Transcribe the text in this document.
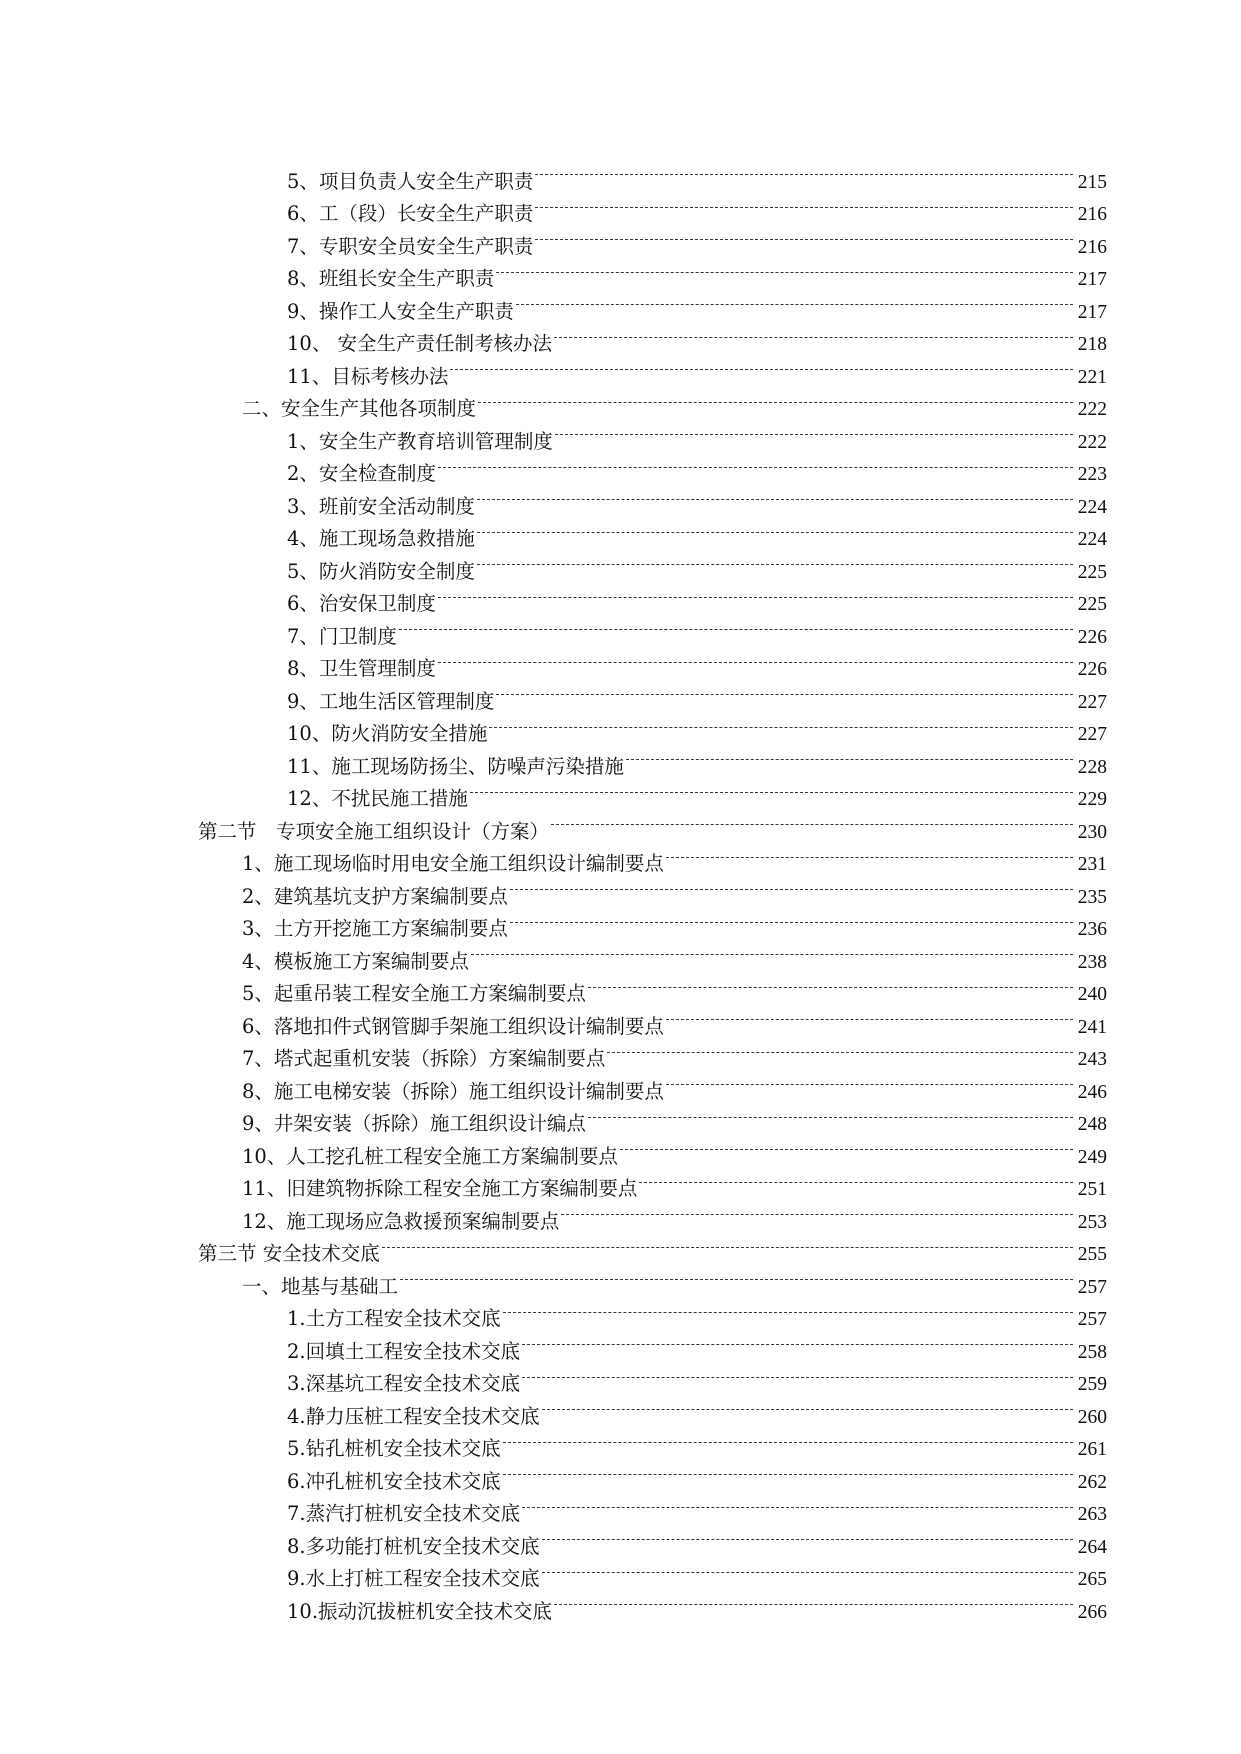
5、项目负责人安全生产职责	215
6、工（段）长安全生产职责	216
7、专职安全员安全生产职责	216
8、班组长安全生产职责	217
9、操作工人安全生产职责	217
10、 安全生产责任制考核办法	218
11、目标考核办法	221
二、安全生产其他各项制度	222
1、安全生产教育培训管理制度	222
2、安全检查制度	223
3、班前安全活动制度	224
4、施工现场急救措施	224
5、防火消防安全制度	225
6、治安保卫制度	225
7、门卫制度	226
8、卫生管理制度	226
9、工地生活区管理制度	227
10、防火消防安全措施	227
11、施工现场防扬尘、防噪声污染措施	228
12、不扰民施工措施	229
第二节　专项安全施工组织设计（方案）	230
1、施工现场临时用电安全施工组织设计编制要点	231
2、建筑基坑支护方案编制要点	235
3、土方开挖施工方案编制要点	236
4、模板施工方案编制要点	238
5、起重吊装工程安全施工方案编制要点	240
6、落地扣件式钢管脚手架施工组织设计编制要点	241
7、塔式起重机安装（拆除）方案编制要点	243
8、施工电梯安装（拆除）施工组织设计编制要点	246
9、井架安装（拆除）施工组织设计编点	248
10、人工挖孔桩工程安全施工方案编制要点	249
11、旧建筑物拆除工程安全施工方案编制要点	251
12、施工现场应急救援预案编制要点	253
第三节 安全技术交底	255
一、地基与基础工	257
1.土方工程安全技术交底	257
2.回填土工程安全技术交底	258
3.深基坑工程安全技术交底	259
4.静力压桩工程安全技术交底	260
5.钻孔桩机安全技术交底	261
6.冲孔桩机安全技术交底	262
7.蒸汽打桩机安全技术交底	263
8.多功能打桩机安全技术交底	264
9.水上打桩工程安全技术交底	265
10.振动沉拔桩机安全技术交底	266
